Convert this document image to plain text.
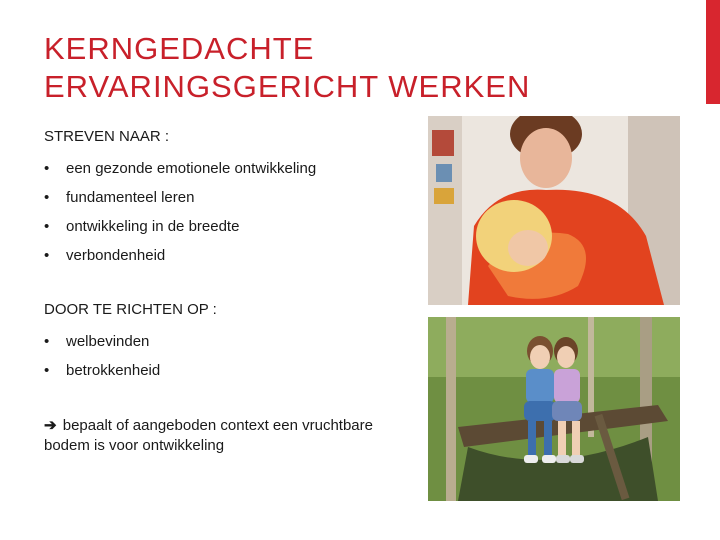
KERNGEDACHTE
ERVARINGSGERICHT WERKEN

STREVEN NAAR :

•	een gezonde emotionele ontwikkeling
•	fundamenteel leren
•	ontwikkeling in de breedte
•	verbondenheid

DOOR TE RICHTEN OP :

•	welbevinden
•	betrokkenheid

➔ bepaalt of aangeboden context een vruchtbare bodem is voor ontwikkeling
